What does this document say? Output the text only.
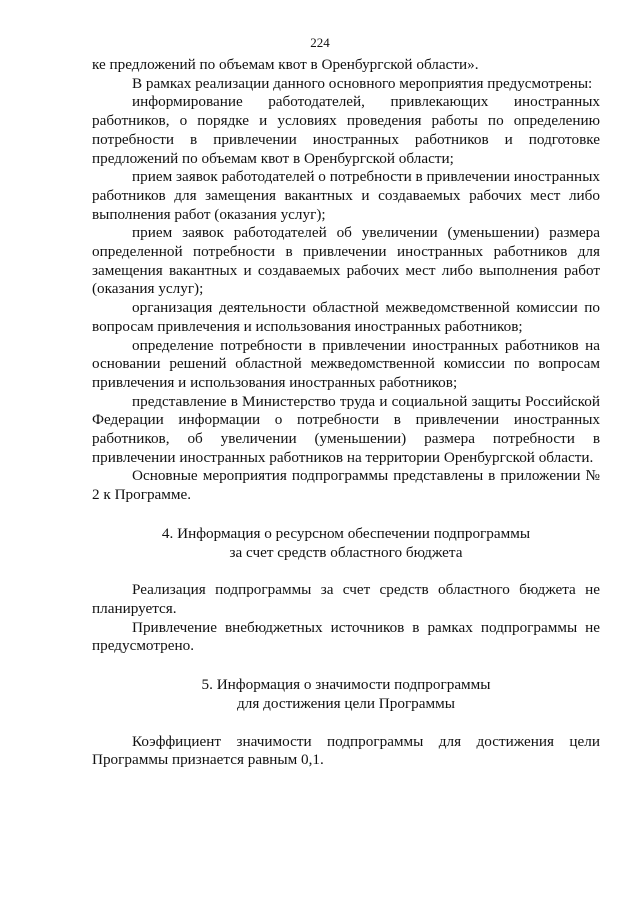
224

ке предложений по объемам квот в Оренбургской области».

В рамках реализации данного основного мероприятия предусмотрены:

информирование работодателей, привлекающих иностранных работников, о порядке и условиях проведения работы по определению потребности в привлечении иностранных работников и подготовке предложений по объемам квот в Оренбургской области;

прием заявок работодателей о потребности в привлечении иностранных работников для замещения вакантных и создаваемых рабочих мест либо выполнения работ (оказания услуг);

прием заявок работодателей об увеличении (уменьшении) размера определенной потребности в привлечении иностранных работников для замещения вакантных и создаваемых рабочих мест либо выполнения работ (оказания услуг);

организация деятельности областной межведомственной комиссии по вопросам привлечения и использования иностранных работников;

определение потребности в привлечении иностранных работников на основании решений областной межведомственной комиссии по вопросам привлечения и использования иностранных работников;

представление в Министерство труда и социальной защиты Российской Федерации информации о потребности в привлечении иностранных работников, об увеличении (уменьшении) размера потребности в привлечении иностранных работников на территории Оренбургской области.

Основные мероприятия подпрограммы представлены в приложении № 2 к Программе.

4. Информация о ресурсном обеспечении подпрограммы
за счет средств областного бюджета

Реализация подпрограммы за счет средств областного бюджета не планируется.

Привлечение внебюджетных источников в рамках подпрограммы не предусмотрено.

5. Информация о значимости подпрограммы
для достижения цели Программы

Коэффициент значимости подпрограммы для достижения цели Программы признается равным 0,1.
